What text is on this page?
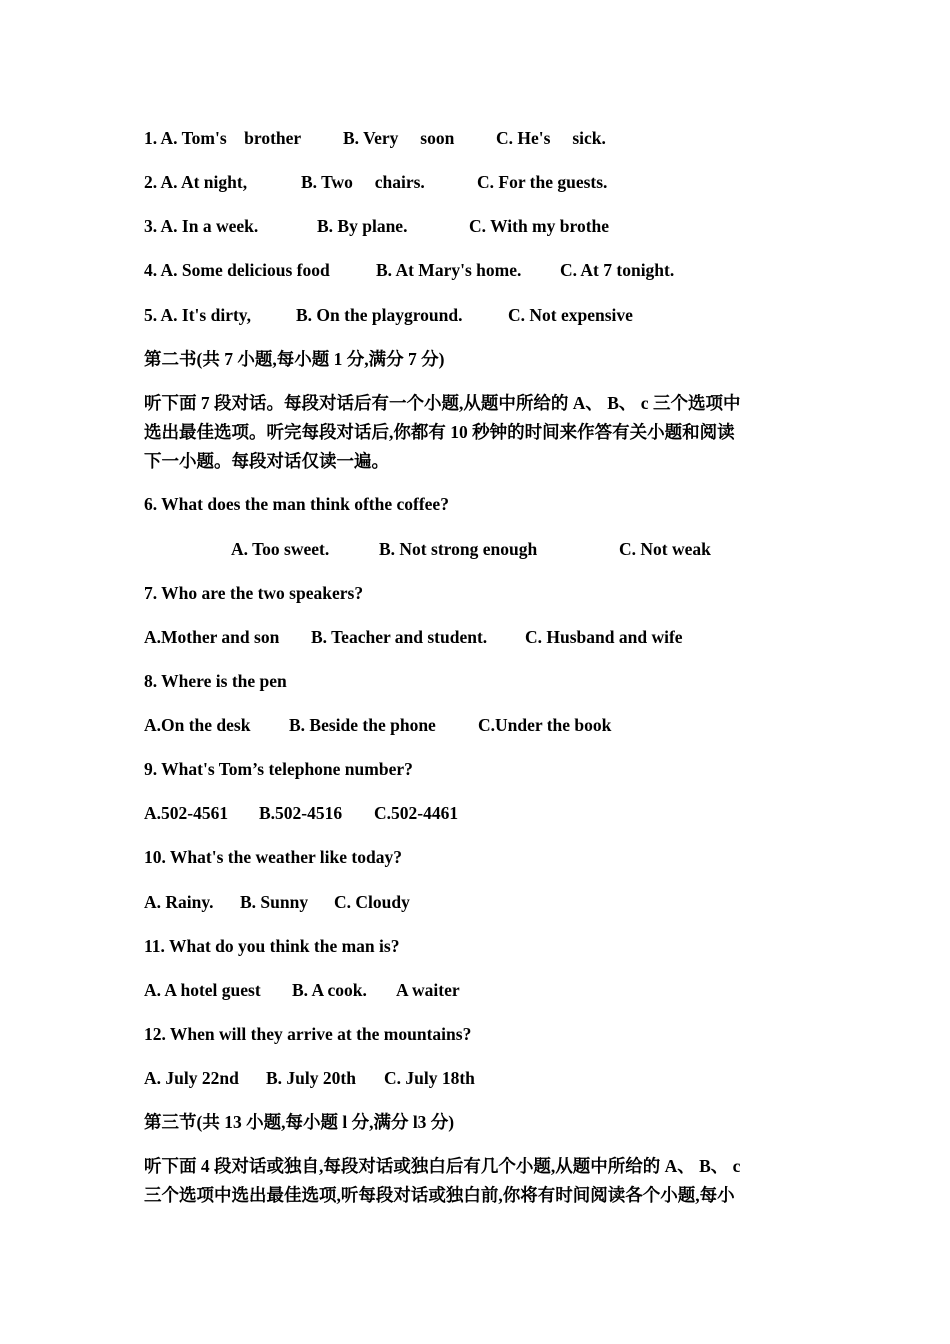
1. A. Tom's    brother B. Very     soon C. He's     sick.
2. A. At night,	B. Two     chairs.	C. For the guests.
3. A. In a week.	B. By plane.	C. With my brothe
4. A. Some delicious food	B. At Mary's home. C. At 7 tonight.
5. A. It's dirty,	B. On the playground.	C. Not expensive
第二书(共 7 小题,每小题 1 分,满分 7 分)
听下面 7 段对话。每段对话后有一个小题,从题中所给的 A、 B、 c 三个选项中
选出最佳选项。听完每段对话后,你都有 10 秒钟的时间来作答有关小题和阅读
下一小题。每段对话仅读一遍。
6. What does the man think ofthe coffee?
A. Too sweet.	B. Not strong enough	C. Not weak
7. Who are the two speakers?
A.Mother and son B. Teacher and student. C. Husband and wife
8. Where is the pen
A.On the desk B. Beside the phone C.Under the book
9. What's Tom’s telephone number?
A.502-4561 B.502-4516 C.502-4461
10. What's the weather like today?
A. Rainy. B. Sunny C. Cloudy
11. What do you think the man is?
A. A hotel guest B. A cook. A waiter
12. When will they arrive at the mountains?
A. July 22nd B. July 20th C. July 18th
第三节(共 13 小题,每小题 l 分,满分 l3 分)
听下面 4 段对话或独自,每段对话或独白后有几个小题,从题中所给的 A、 B、 c
三个选项中选出最佳选项,听每段对话或独白前,你将有时间阅读各个小题,每小
